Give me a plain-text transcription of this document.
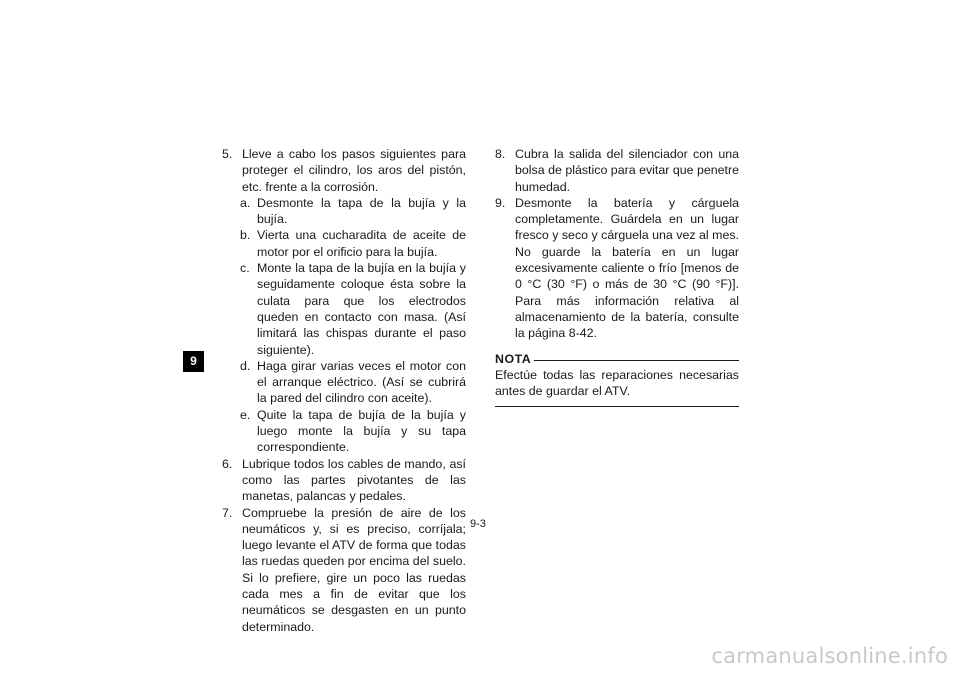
9
5. Lleve a cabo los pasos siguientes para proteger el cilindro, los aros del pistón, etc. frente a la corrosión.
a. Desmonte la tapa de la bujía y la bujía.
b. Vierta una cucharadita de aceite de motor por el orificio para la bujía.
c. Monte la tapa de la bujía en la bujía y seguidamente coloque ésta sobre la culata para que los electrodos queden en contacto con masa. (Así limitará las chispas durante el paso siguiente).
d. Haga girar varias veces el motor con el arranque eléctrico. (Así se cubrirá la pared del cilindro con aceite).
e. Quite la tapa de bujía de la bujía y luego monte la bujía y su tapa correspondiente.
6. Lubrique todos los cables de mando, así como las partes pivotantes de las manetas, palancas y pedales.
7. Compruebe la presión de aire de los neumáticos y, si es preciso, corríjala; luego levante el ATV de forma que todas las ruedas queden por encima del suelo. Si lo prefiere, gire un poco las ruedas cada mes a fin de evitar que los neumáticos se desgasten en un punto determinado.
8. Cubra la salida del silenciador con una bolsa de plástico para evitar que penetre humedad.
9. Desmonte la batería y cárguela completamente. Guárdela en un lugar fresco y seco y cárguela una vez al mes. No guarde la batería en un lugar excesivamente caliente o frío [menos de 0 °C (30 °F) o más de 30 °C (90 °F)]. Para más información relativa al almacenamiento de la batería, consulte la página 8-42.
NOTA
Efectúe todas las reparaciones necesarias antes de guardar el ATV.
9-3
carmanualsonline.info
